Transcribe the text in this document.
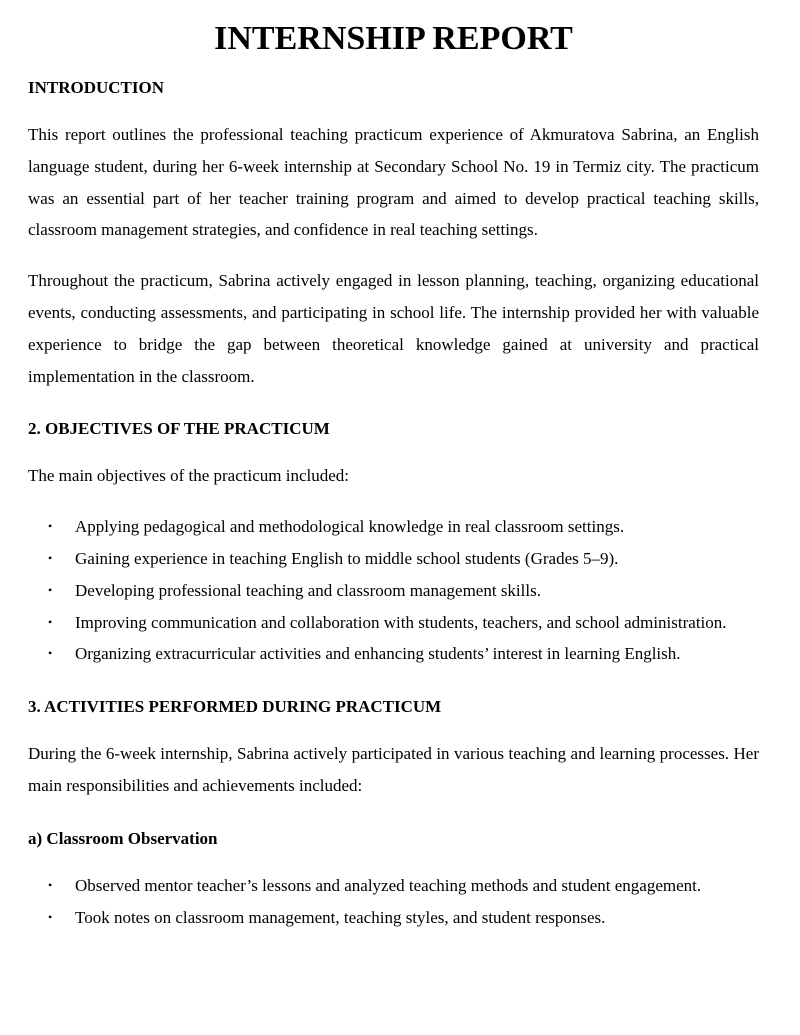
INTERNSHIP REPORT
INTRODUCTION

This report outlines the professional teaching practicum experience of Akmuratova Sabrina, an English language student, during her 6-week internship at Secondary School No. 19 in Termiz city. The practicum was an essential part of her teacher training program and aimed to develop practical teaching skills, classroom management strategies, and confidence in real teaching settings.

Throughout the practicum, Sabrina actively engaged in lesson planning, teaching, organizing educational events, conducting assessments, and participating in school life. The internship provided her with valuable experience to bridge the gap between theoretical knowledge gained at university and practical implementation in the classroom.

2. OBJECTIVES OF THE PRACTICUM

The main objectives of the practicum included:

• Applying pedagogical and methodological knowledge in real classroom settings.
• Gaining experience in teaching English to middle school students (Grades 5–9).
• Developing professional teaching and classroom management skills.
• Improving communication and collaboration with students, teachers, and school administration.
• Organizing extracurricular activities and enhancing students’ interest in learning English.
3. ACTIVITIES PERFORMED DURING PRACTICUM

During the 6-week internship, Sabrina actively participated in various teaching and learning processes. Her main responsibilities and achievements included:

a) Classroom Observation
• Observed mentor teacher’s lessons and analyzed teaching methods and student engagement.
• Took notes on classroom management, teaching styles, and student responses.
